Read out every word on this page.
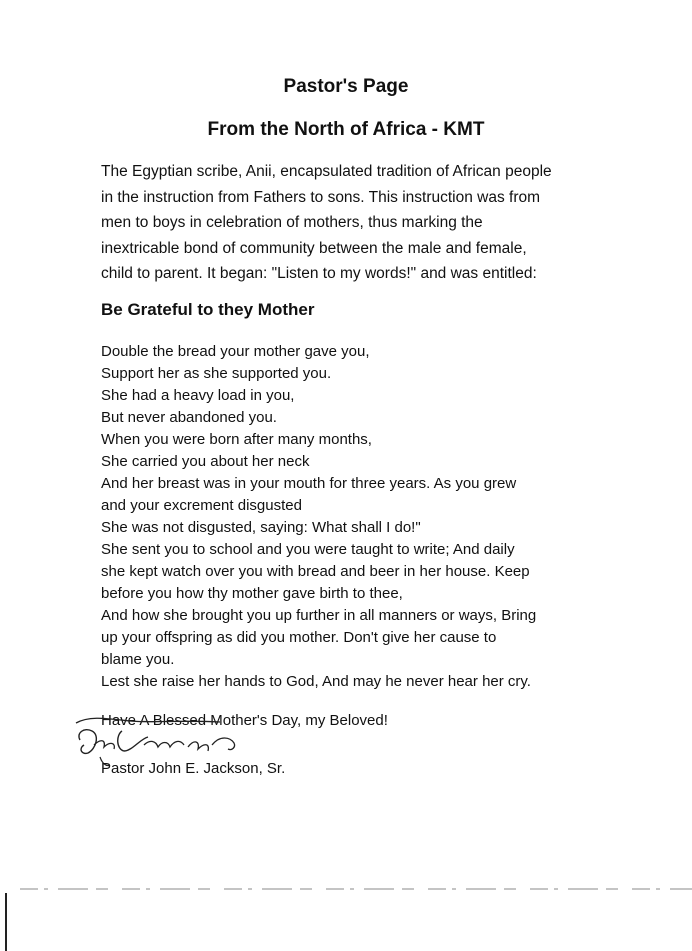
Pastor's Page
From the North of Africa - KMT

The Egyptian scribe, Anii, encapsulated tradition of African people
in the instruction from Fathers to sons. This instruction was from
men to boys in celebration of mothers, thus marking the
inextricable bond of community between the male and female,
child to parent. It began: "Listen to my words!" and was entitled:

Be Grateful to they Mother

Double the bread your mother gave you,
Support her as she supported you.
She had a heavy load in you,
But never abandoned you.
When you were born after many months,
She carried you about her neck
And her breast was in your mouth for three years. As you grew
and your excrement disgusted
She was not disgusted, saying: What shall I do!"
She sent you to school and you were taught to write; And daily
she kept watch over you with bread and beer in her house. Keep
before you how thy mother gave birth to thee,
And how she brought you up further in all manners or ways, Bring
up your offspring as did you mother. Don't give her cause to
blame you.
Lest she raise her hands to God, And may he never hear her cry.

Have A Blessed Mother's Day, my Beloved!
Pastor John E. Jackson, Sr.
